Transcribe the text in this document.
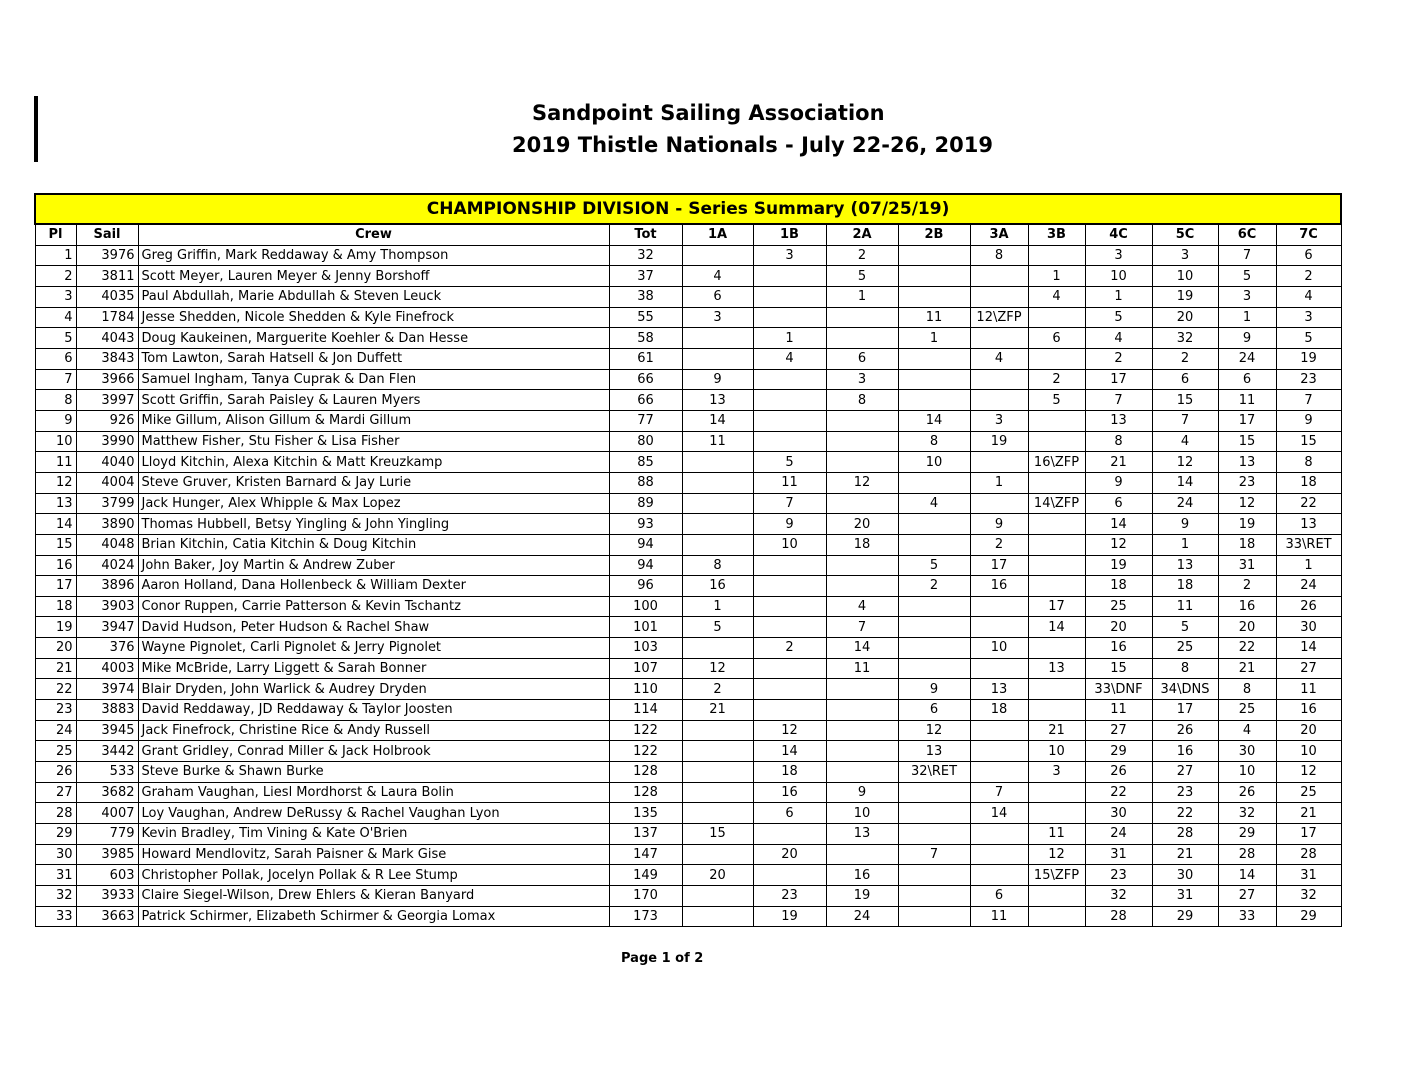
Sandpoint Sailing Association
2019 Thistle Nationals - July 22-26, 2019
CHAMPIONSHIP DIVISION - Series Summary (07/25/19)													
Pl	Sail	Crew	Tot	1A	1B	2A	2B	3A	3B	4C	5C	6C	7C
1	3976	Greg Griffin, Mark Reddaway & Amy Thompson	32		3	2		8		3	3	7	6
2	3811	Scott Meyer, Lauren Meyer & Jenny Borshoff	37	4		5			1	10	10	5	2
3	4035	Paul Abdullah, Marie Abdullah & Steven Leuck	38	6		1			4	1	19	3	4
4	1784	Jesse Shedden, Nicole Shedden & Kyle Finefrock	55	3			11	12\ZFP		5	20	1	3
5	4043	Doug Kaukeinen, Marguerite Koehler & Dan Hesse	58		1		1		6	4	32	9	5
6	3843	Tom Lawton, Sarah Hatsell & Jon Duffett	61		4	6		4		2	2	24	19
7	3966	Samuel Ingham, Tanya Cuprak & Dan Flen	66	9		3			2	17	6	6	23
8	3997	Scott Griffin, Sarah Paisley & Lauren Myers	66	13		8			5	7	15	11	7
9	926	Mike Gillum, Alison Gillum & Mardi Gillum	77	14			14	3		13	7	17	9
10	3990	Matthew Fisher, Stu Fisher & Lisa Fisher	80	11			8	19		8	4	15	15
11	4040	Lloyd Kitchin, Alexa Kitchin & Matt Kreuzkamp	85		5		10		16\ZFP	21	12	13	8
12	4004	Steve Gruver, Kristen Barnard & Jay Lurie	88		11	12		1		9	14	23	18
13	3799	Jack Hunger, Alex Whipple & Max Lopez	89		7		4		14\ZFP	6	24	12	22
14	3890	Thomas Hubbell, Betsy Yingling & John Yingling	93		9	20		9		14	9	19	13
15	4048	Brian Kitchin, Catia Kitchin & Doug Kitchin	94		10	18		2		12	1	18	33\RET
16	4024	John Baker, Joy Martin & Andrew Zuber	94	8			5	17		19	13	31	1
17	3896	Aaron Holland, Dana Hollenbeck & William Dexter	96	16			2	16		18	18	2	24
18	3903	Conor Ruppen, Carrie Patterson & Kevin Tschantz	100	1		4			17	25	11	16	26
19	3947	David Hudson, Peter Hudson & Rachel Shaw	101	5		7			14	20	5	20	30
20	376	Wayne Pignolet, Carli Pignolet & Jerry Pignolet	103		2	14		10		16	25	22	14
21	4003	Mike McBride, Larry Liggett & Sarah Bonner	107	12		11			13	15	8	21	27
22	3974	Blair Dryden, John Warlick & Audrey Dryden	110	2			9	13		33\DNF	34\DNS	8	11
23	3883	David Reddaway, JD Reddaway & Taylor Joosten	114	21			6	18		11	17	25	16
24	3945	Jack Finefrock, Christine Rice & Andy Russell	122		12		12		21	27	26	4	20
25	3442	Grant Gridley, Conrad Miller & Jack Holbrook	122		14		13		10	29	16	30	10
26	533	Steve Burke & Shawn Burke	128		18		32\RET		3	26	27	10	12
27	3682	Graham Vaughan, Liesl Mordhorst & Laura Bolin	128		16	9		7		22	23	26	25
28	4007	Loy Vaughan, Andrew DeRussy & Rachel Vaughan Lyon	135		6	10		14		30	22	32	21
29	779	Kevin Bradley, Tim Vining & Kate O'Brien	137	15		13			11	24	28	29	17
30	3985	Howard Mendlovitz, Sarah Paisner & Mark Gise	147		20		7		12	31	21	28	28
31	603	Christopher Pollak, Jocelyn Pollak & R Lee Stump	149	20		16			15\ZFP	23	30	14	31
32	3933	Claire Siegel-Wilson, Drew Ehlers & Kieran Banyard	170		23	19		6		32	31	27	32
33	3663	Patrick Schirmer, Elizabeth Schirmer & Georgia Lomax	173		19	24		11		28	29	33	29
Page 1 of 2
